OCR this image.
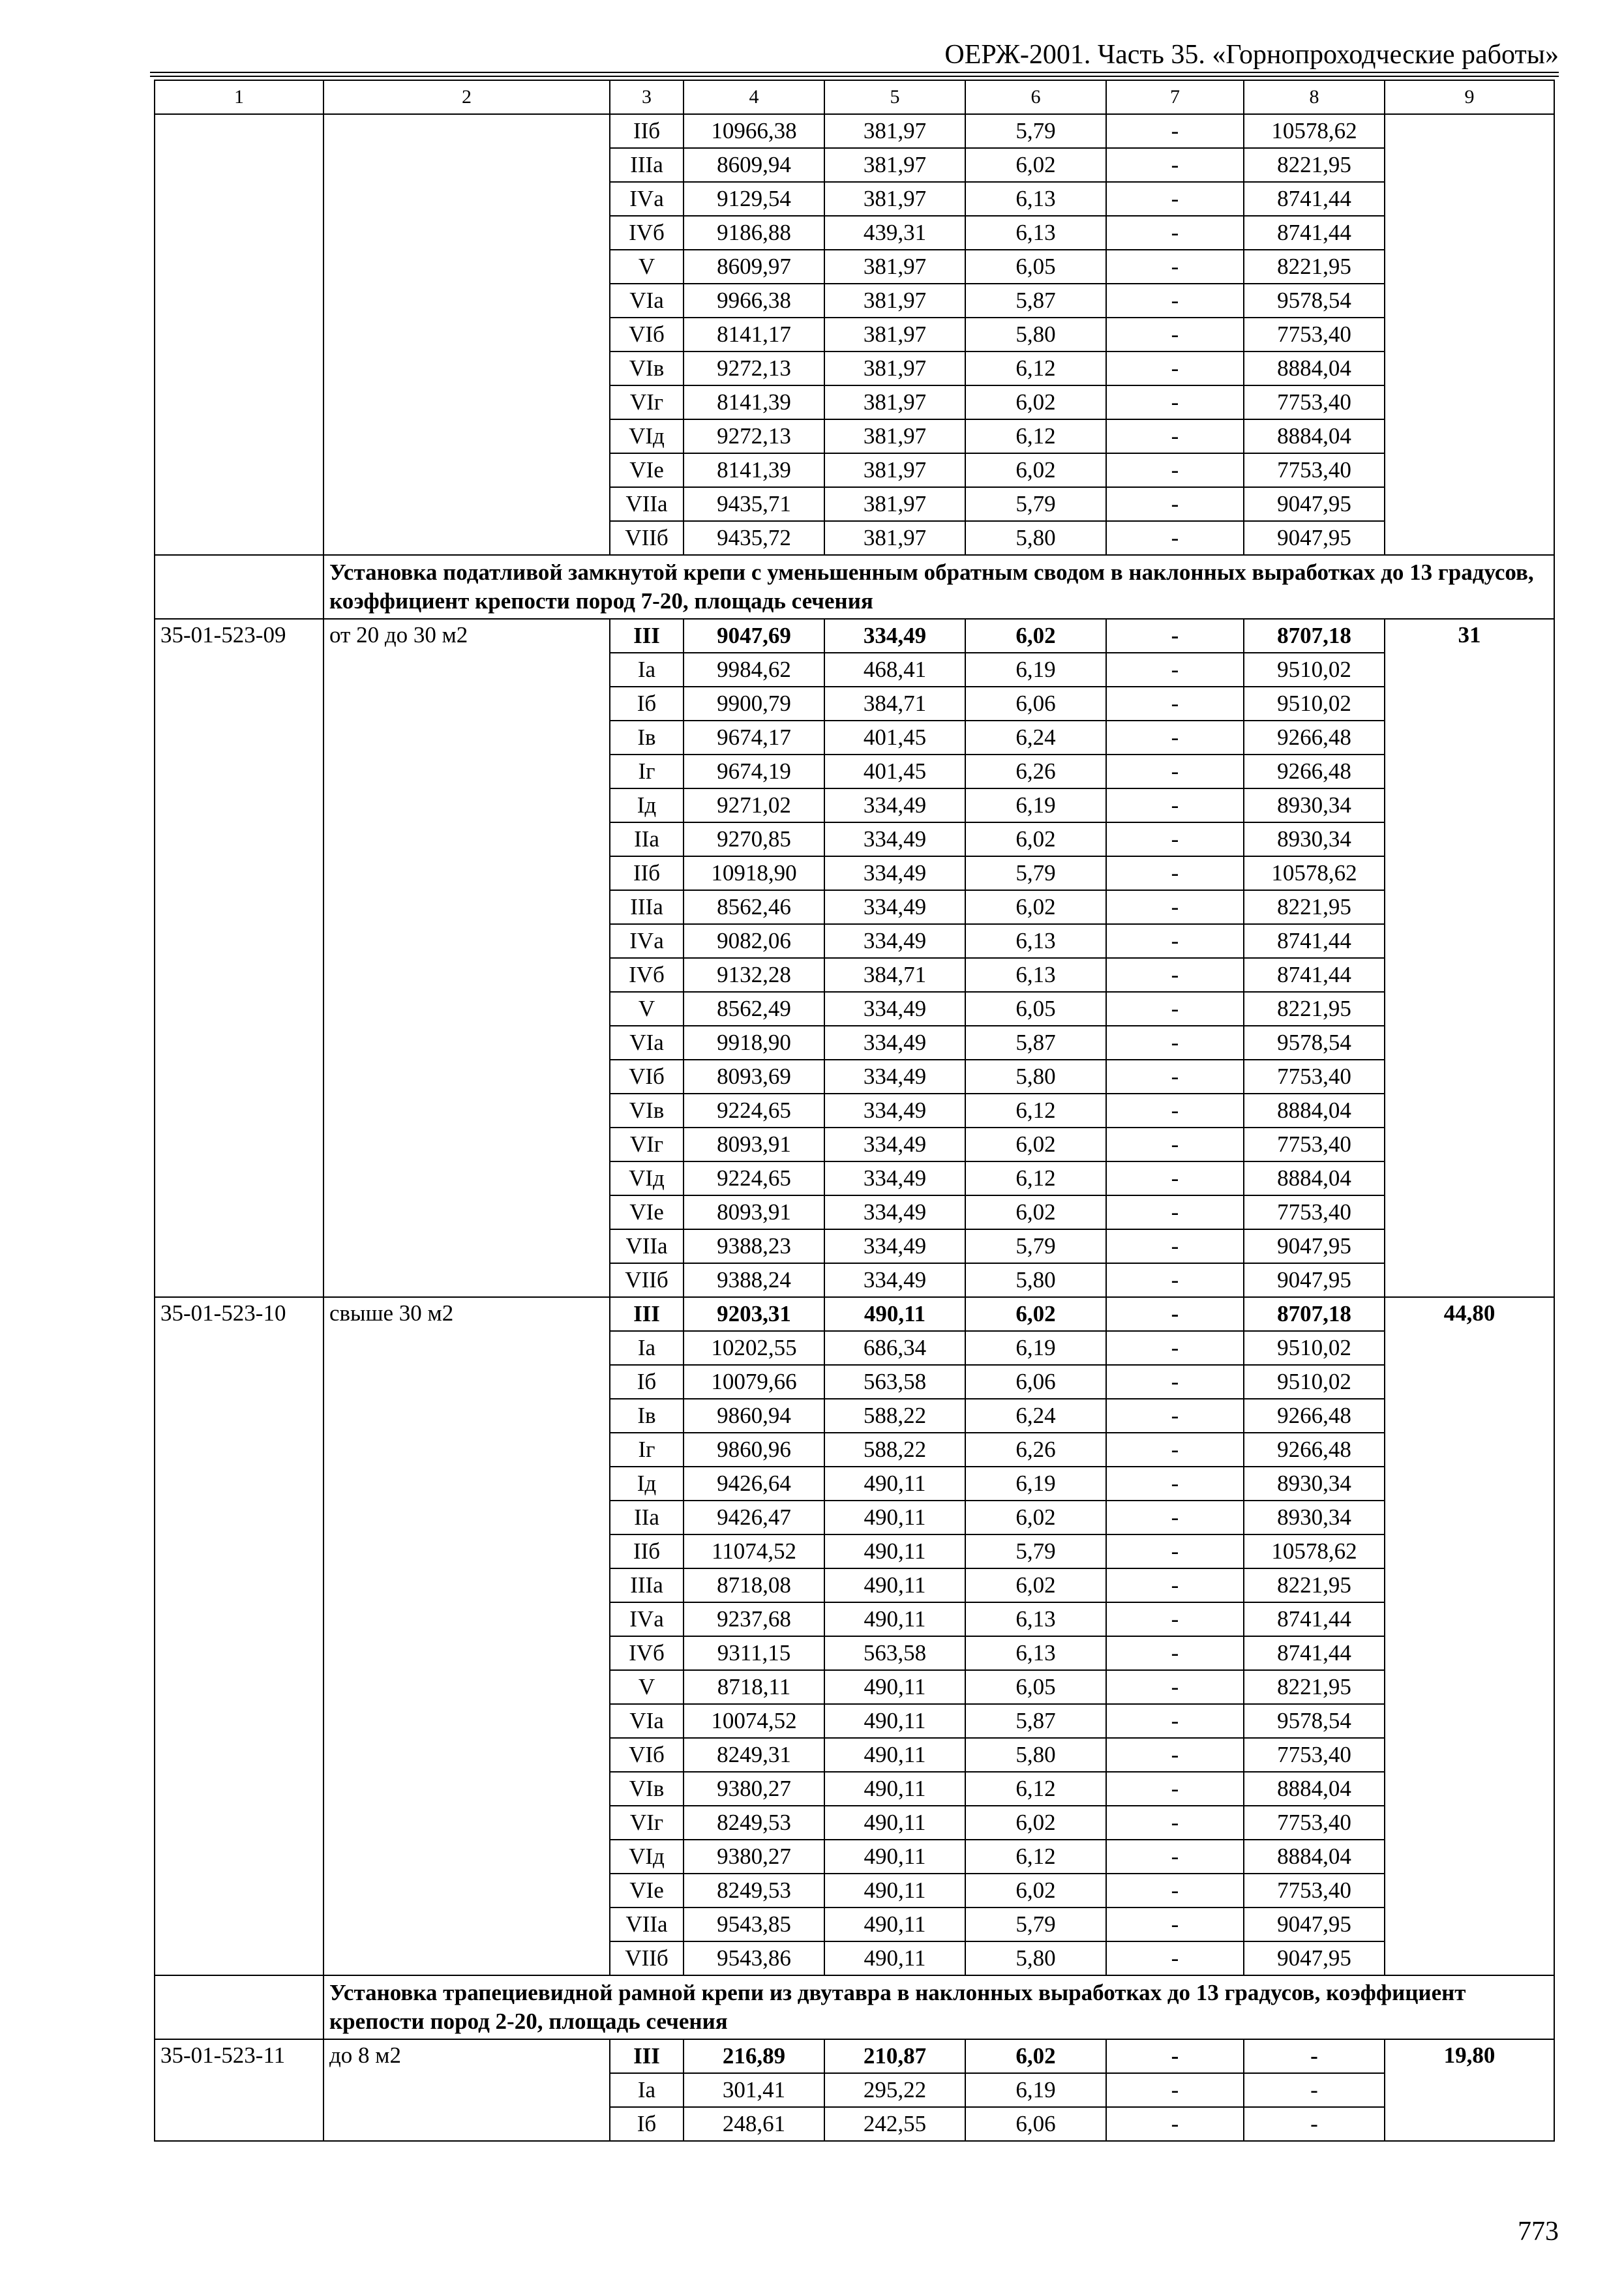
ОЕРЖ-2001. Часть 35. «Горнопроходческие работы»
1	2	3	4	5	6	7	8	9
		IIб	10966,38	381,97	5,79	-	10578,62	
		IIIа	8609,94	381,97	6,02	-	8221,95	
		IVа	9129,54	381,97	6,13	-	8741,44	
		IVб	9186,88	439,31	6,13	-	8741,44	
		V	8609,97	381,97	6,05	-	8221,95	
		VIа	9966,38	381,97	5,87	-	9578,54	
		VIб	8141,17	381,97	5,80	-	7753,40	
		VIв	9272,13	381,97	6,12	-	8884,04	
		VIг	8141,39	381,97	6,02	-	7753,40	
		VIд	9272,13	381,97	6,12	-	8884,04	
		VIе	8141,39	381,97	6,02	-	7753,40	
		VIIа	9435,71	381,97	5,79	-	9047,95	
		VIIб	9435,72	381,97	5,80	-	9047,95	
	Установка податливой замкнутой крепи с уменьшенным обратным сводом в наклонных выработках до 13 градусов, коэффициент крепости пород 7-20, площадь сечения							
35-01-523-09	от 20 до 30 м2	III	9047,69	334,49	6,02	-	8707,18	31
		Iа	9984,62	468,41	6,19	-	9510,02	
		Iб	9900,79	384,71	6,06	-	9510,02	
		Iв	9674,17	401,45	6,24	-	9266,48	
		Iг	9674,19	401,45	6,26	-	9266,48	
		Iд	9271,02	334,49	6,19	-	8930,34	
		IIа	9270,85	334,49	6,02	-	8930,34	
		IIб	10918,90	334,49	5,79	-	10578,62	
		IIIа	8562,46	334,49	6,02	-	8221,95	
		IVа	9082,06	334,49	6,13	-	8741,44	
		IVб	9132,28	384,71	6,13	-	8741,44	
		V	8562,49	334,49	6,05	-	8221,95	
		VIа	9918,90	334,49	5,87	-	9578,54	
		VIб	8093,69	334,49	5,80	-	7753,40	
		VIв	9224,65	334,49	6,12	-	8884,04	
		VIг	8093,91	334,49	6,02	-	7753,40	
		VIд	9224,65	334,49	6,12	-	8884,04	
		VIе	8093,91	334,49	6,02	-	7753,40	
		VIIа	9388,23	334,49	5,79	-	9047,95	
		VIIб	9388,24	334,49	5,80	-	9047,95	
35-01-523-10	свыше 30 м2	III	9203,31	490,11	6,02	-	8707,18	44,80
		Iа	10202,55	686,34	6,19	-	9510,02	
		Iб	10079,66	563,58	6,06	-	9510,02	
		Iв	9860,94	588,22	6,24	-	9266,48	
		Iг	9860,96	588,22	6,26	-	9266,48	
		Iд	9426,64	490,11	6,19	-	8930,34	
		IIа	9426,47	490,11	6,02	-	8930,34	
		IIб	11074,52	490,11	5,79	-	10578,62	
		IIIа	8718,08	490,11	6,02	-	8221,95	
		IVа	9237,68	490,11	6,13	-	8741,44	
		IVб	9311,15	563,58	6,13	-	8741,44	
		V	8718,11	490,11	6,05	-	8221,95	
		VIа	10074,52	490,11	5,87	-	9578,54	
		VIб	8249,31	490,11	5,80	-	7753,40	
		VIв	9380,27	490,11	6,12	-	8884,04	
		VIг	8249,53	490,11	6,02	-	7753,40	
		VIд	9380,27	490,11	6,12	-	8884,04	
		VIе	8249,53	490,11	6,02	-	7753,40	
		VIIа	9543,85	490,11	5,79	-	9047,95	
		VIIб	9543,86	490,11	5,80	-	9047,95	
	Установка трапециевидной рамной крепи из двутавра в наклонных выработках до 13 градусов, коэффициент крепости пород 2-20, площадь сечения							
35-01-523-11	до 8 м2	III	216,89	210,87	6,02	-	-	19,80
		Iа	301,41	295,22	6,19	-	-	
		Iб	248,61	242,55	6,06	-	-	
773
